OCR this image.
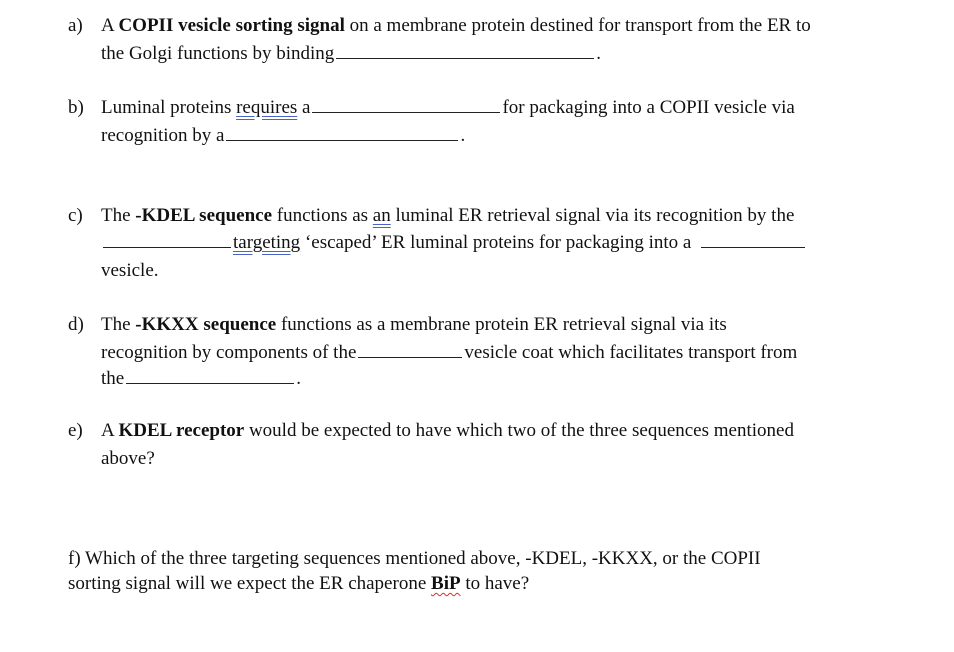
a) A COPII vesicle sorting signal on a membrane protein destined for transport from the ER to
the Golgi functions by binding	.
b) Luminal proteins requires a	for packaging into a COPII vesicle via
recognition by a	.
c) The -KDEL sequence functions as an luminal ER retrieval signal via its recognition by the
targeting ‘escaped’ ER luminal proteins for packaging into a
vesicle.
d) The -KKXX sequence functions as a membrane protein ER retrieval signal via its
recognition by components of the	vesicle coat which facilitates transport from
the	.
e) A KDEL receptor would be expected to have which two of the three sequences mentioned
above?
f) Which of the three targeting sequences mentioned above, -KDEL, -KKXX, or the COPII
sorting signal will we expect the ER chaperone BiP to have?
